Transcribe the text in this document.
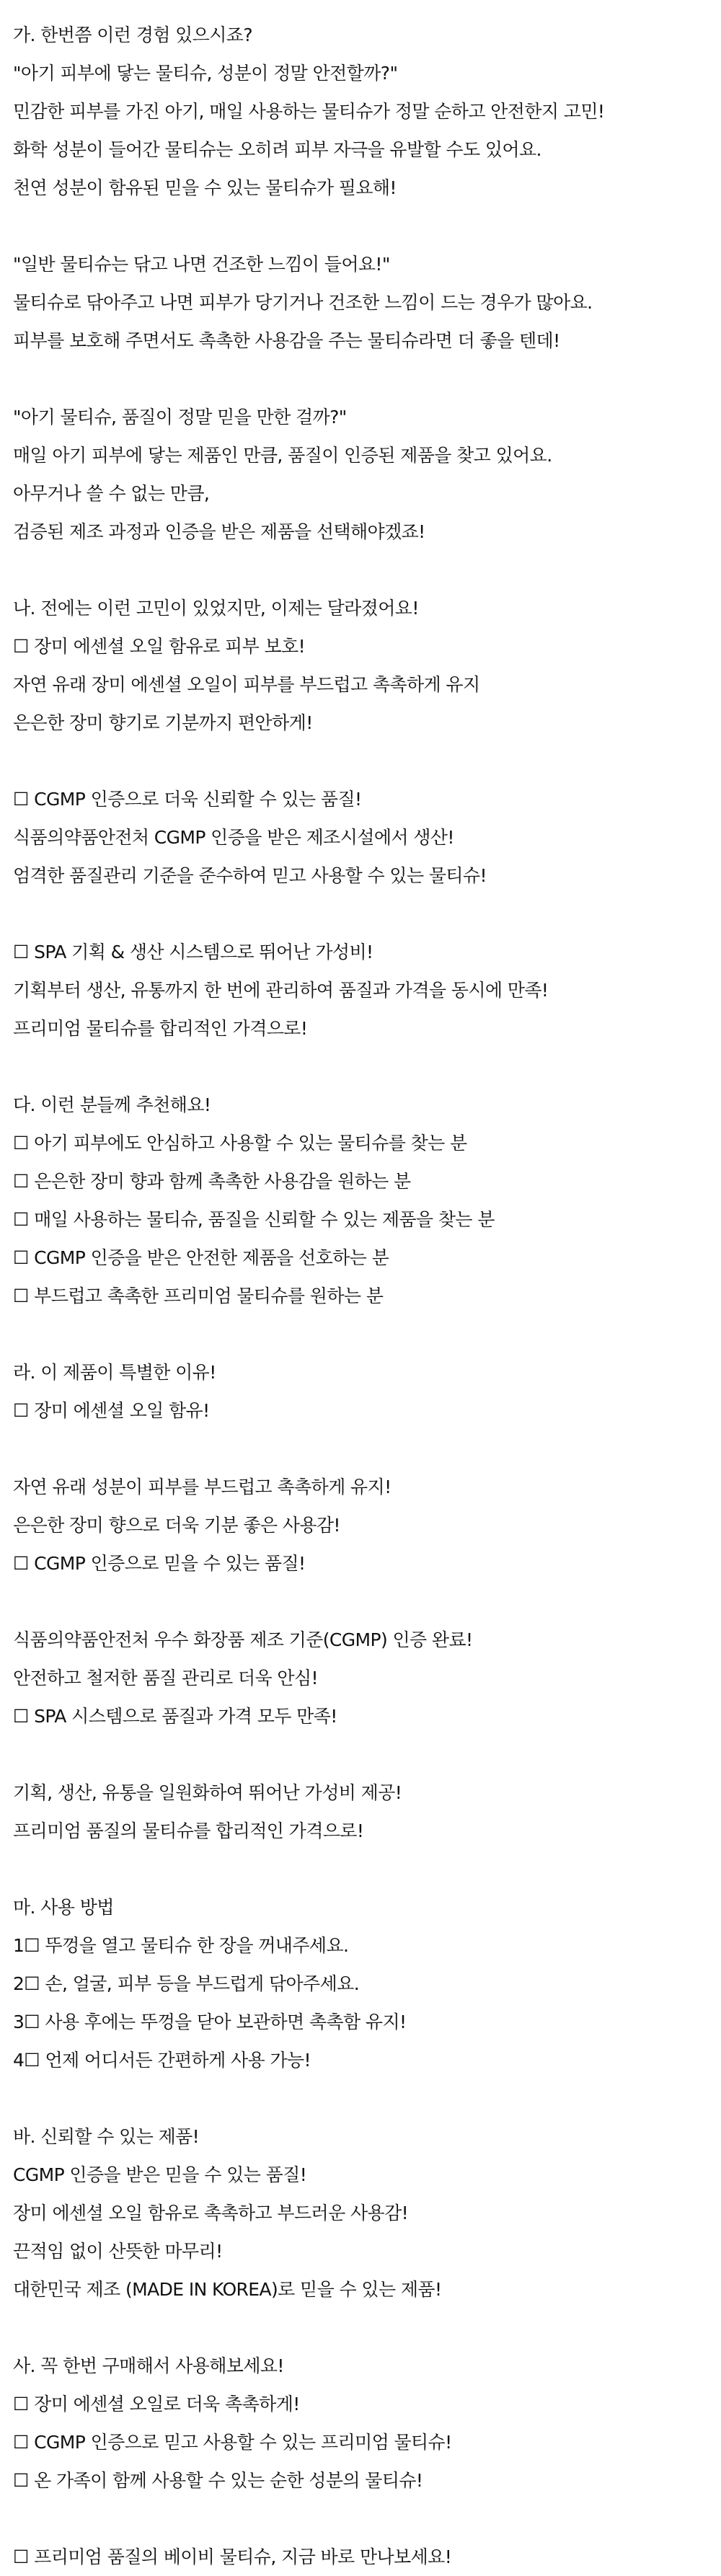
가. 한번쯤 이런 경험 있으시죠?
"아기 피부에 닿는 물티슈, 성분이 정말 안전할까?"
민감한 피부를 가진 아기, 매일 사용하는 물티슈가 정말 순하고 안전한지 고민!
화학 성분이 들어간 물티슈는 오히려 피부 자극을 유발할 수도 있어요.
천연 성분이 함유된 믿을 수 있는 물티슈가 필요해!
"일반 물티슈는 닦고 나면 건조한 느낌이 들어요!"
물티슈로 닦아주고 나면 피부가 당기거나 건조한 느낌이 드는 경우가 많아요.
피부를 보호해 주면서도 촉촉한 사용감을 주는 물티슈라면 더 좋을 텐데!
"아기 물티슈, 품질이 정말 믿을 만한 걸까?"
매일 아기 피부에 닿는 제품인 만큼, 품질이 인증된 제품을 찾고 있어요.
아무거나 쓸 수 없는 만큼,
검증된 제조 과정과 인증을 받은 제품을 선택해야겠죠!
나. 전에는 이런 고민이 있었지만, 이제는 달라졌어요!
☐ 장미 에센셜 오일 함유로 피부 보호!
자연 유래 장미 에센셜 오일이 피부를 부드럽고 촉촉하게 유지
은은한 장미 향기로 기분까지 편안하게!
☐ CGMP 인증으로 더욱 신뢰할 수 있는 품질!
식품의약품안전처 CGMP 인증을 받은 제조시설에서 생산!
엄격한 품질관리 기준을 준수하여 믿고 사용할 수 있는 물티슈!
☐ SPA 기획 & 생산 시스템으로 뛰어난 가성비!
기획부터 생산, 유통까지 한 번에 관리하여 품질과 가격을 동시에 만족!
프리미엄 물티슈를 합리적인 가격으로!
다. 이런 분들께 추천해요!
☐ 아기 피부에도 안심하고 사용할 수 있는 물티슈를 찾는 분
☐ 은은한 장미 향과 함께 촉촉한 사용감을 원하는 분
☐ 매일 사용하는 물티슈, 품질을 신뢰할 수 있는 제품을 찾는 분
☐ CGMP 인증을 받은 안전한 제품을 선호하는 분
☐ 부드럽고 촉촉한 프리미엄 물티슈를 원하는 분
라. 이 제품이 특별한 이유!
☐ 장미 에센셜 오일 함유!
자연 유래 성분이 피부를 부드럽고 촉촉하게 유지!
은은한 장미 향으로 더욱 기분 좋은 사용감!
☐ CGMP 인증으로 믿을 수 있는 품질!
식품의약품안전처 우수 화장품 제조 기준(CGMP) 인증 완료!
안전하고 철저한 품질 관리로 더욱 안심!
☐ SPA 시스템으로 품질과 가격 모두 만족!
기획, 생산, 유통을 일원화하여 뛰어난 가성비 제공!
프리미엄 품질의 물티슈를 합리적인 가격으로!
마. 사용 방법
1☐ 뚜껑을 열고 물티슈 한 장을 꺼내주세요.
2☐ 손, 얼굴, 피부 등을 부드럽게 닦아주세요.
3☐ 사용 후에는 뚜껑을 닫아 보관하면 촉촉함 유지!
4☐ 언제 어디서든 간편하게 사용 가능!
바. 신뢰할 수 있는 제품!
CGMP 인증을 받은 믿을 수 있는 품질!
장미 에센셜 오일 함유로 촉촉하고 부드러운 사용감!
끈적임 없이 산뜻한 마무리!
대한민국 제조 (MADE IN KOREA)로 믿을 수 있는 제품!
사. 꼭 한번 구매해서 사용해보세요!
☐ 장미 에센셜 오일로 더욱 촉촉하게!
☐ CGMP 인증으로 믿고 사용할 수 있는 프리미엄 물티슈!
☐ 온 가족이 함께 사용할 수 있는 순한 성분의 물티슈!
☐ 프리미엄 품질의 베이비 물티슈, 지금 바로 만나보세요!
